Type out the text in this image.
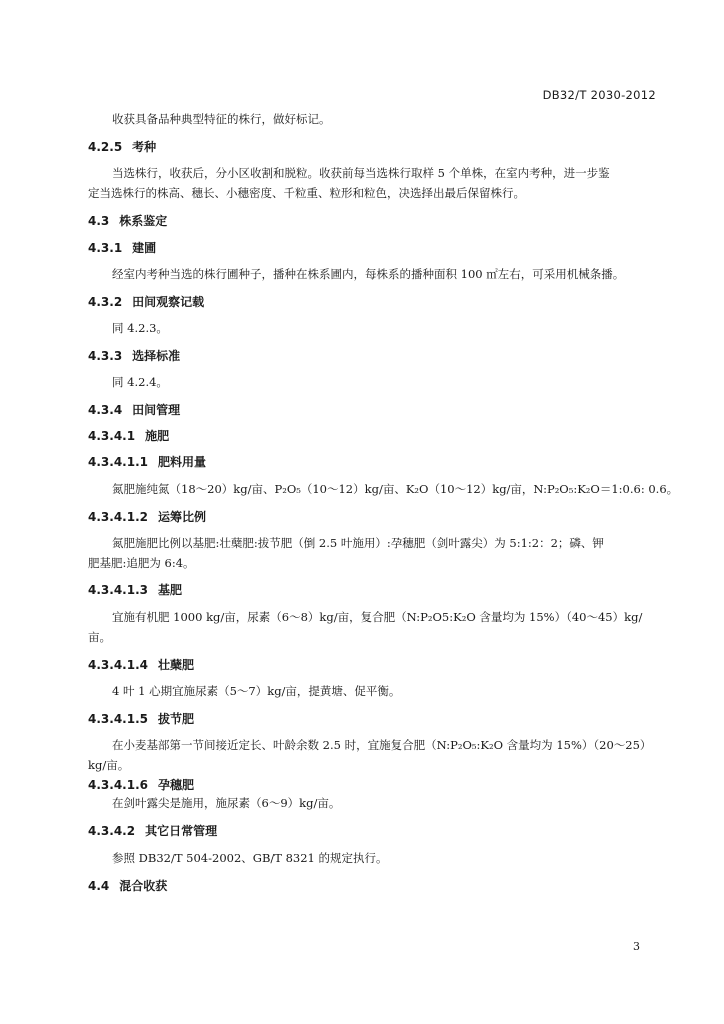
DB32/T 2030-2012
收获具备品种典型特征的株行，做好标记。
4.2.5 考种
当选株行，收获后，分小区收割和脱粒。收获前每当选株行取样 5 个单株，在室内考种，进一步鉴
定当选株行的株高、穗长、小穗密度、千粒重、粒形和粒色，决选择出最后保留株行。
4.3 株系鉴定
4.3.1 建圃
经室内考种当选的株行圃种子，播种在株系圃内，每株系的播种面积 100 ㎡左右，可采用机械条播。
4.3.2 田间观察记载
同 4.2.3。
4.3.3 选择标准
同 4.2.4。
4.3.4 田间管理
4.3.4.1 施肥
4.3.4.1.1 肥料用量
氮肥施纯氮（18～20）kg/亩、P₂O₅（10～12）kg/亩、K₂O（10～12）kg/亩，N:P₂O₅:K₂O＝1:0.6: 0.6。
4.3.4.1.2 运筹比例
氮肥施肥比例以基肥:壮蘖肥:拔节肥（倒 2.5 叶施用）:孕穗肥（剑叶露尖）为 5:1:2：2；磷、钾
肥基肥:追肥为 6:4。
4.3.4.1.3 基肥
宜施有机肥 1000 kg/亩，尿素（6～8）kg/亩，复合肥（N:P₂O5:K₂O 含量均为 15%）（40～45）kg/
亩。
4.3.4.1.4 壮蘖肥
4 叶 1 心期宜施尿素（5～7）kg/亩，提黄塘、促平衡。
4.3.4.1.5 拔节肥
在小麦基部第一节间接近定长、叶龄余数 2.5 时，宜施复合肥（N:P₂O₅:K₂O 含量均为 15%）（20～25）
kg/亩。
4.3.4.1.6 孕穗肥
在剑叶露尖是施用，施尿素（6～9）kg/亩。
4.3.4.2 其它日常管理
参照 DB32/T 504-2002、GB/T 8321 的规定执行。
4.4 混合收获
3
